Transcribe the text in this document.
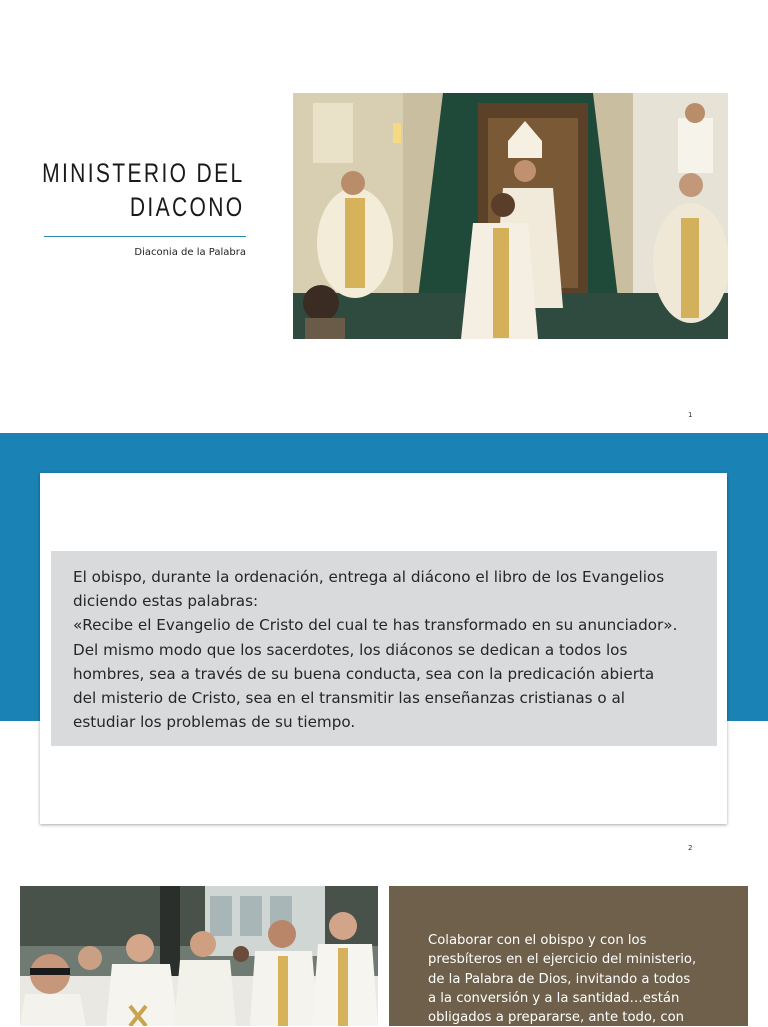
MINISTERIO DEL
DIACONO
Diaconia de la Palabra
1
El obispo, durante la ordenación, entrega al diácono el libro de los Evangelios
diciendo estas palabras:
«Recibe el Evangelio de Cristo del cual te has transformado en su anunciador».
Del mismo modo que los sacerdotes, los diáconos se dedican a todos los
hombres, sea a través de su buena conducta, sea con la predicación abierta
del misterio de Cristo, sea en el transmitir las enseñanzas cristianas o al
estudiar los problemas de su tiempo.
2
Colaborar con el obispo y con los
presbíteros en el ejercicio del ministerio,
de la Palabra de Dios, invitando a todos
a la conversión y a la santidad…están
obligados a prepararse, ante todo, con
